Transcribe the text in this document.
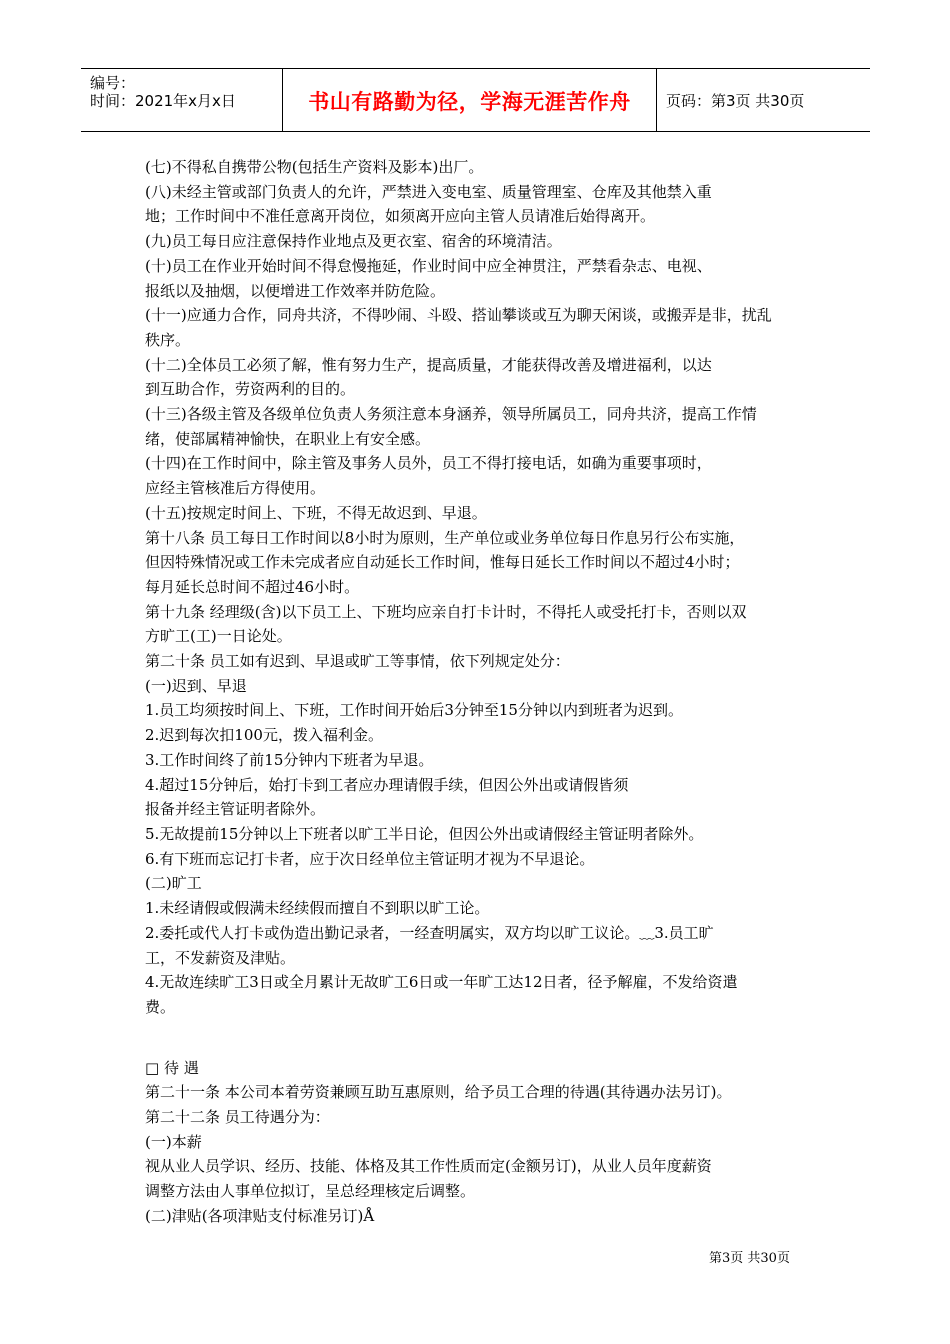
编号：
时间：2021年x月x日	书山有路勤为径，学海无涯苦作舟	页码：第3页 共30页
(七)不得私自携带公物(包括生产资料及影本)出厂。
(八)未经主管或部门负责人的允许，严禁进入变电室、质量管理室、仓库及其他禁入重
地；工作时间中不准任意离开岗位，如须离开应向主管人员请准后始得离开。
(九)员工每日应注意保持作业地点及更衣室、宿舍的环境清洁。
(十)员工在作业开始时间不得怠慢拖延，作业时间中应全神贯注，严禁看杂志、电视、
报纸以及抽烟，以便增进工作效率并防危险。
(十一)应通力合作，同舟共济，不得吵闹、斗殴、搭讪攀谈或互为聊天闲谈，或搬弄是非，扰乱
秩序。
(十二)全体员工必须了解，惟有努力生产，提高质量，才能获得改善及增进福利，以达
到互助合作，劳资两利的目的。
(十三)各级主管及各级单位负责人务须注意本身涵养，领导所属员工，同舟共济，提高工作情
绪，使部属精神愉快，在职业上有安全感。
(十四)在工作时间中，除主管及事务人员外，员工不得打接电话，如确为重要事项时，
应经主管核准后方得使用。
(十五)按规定时间上、下班，不得无故迟到、早退。
第十八条 员工每日工作时间以8小时为原则，生产单位或业务单位每日作息另行公布实施，
但因特殊情况或工作未完成者应自动延长工作时间，惟每日延长工作时间以不超过4小时；
每月延长总时间不超过46小时。
第十九条 经理级(含)以下员工上、下班均应亲自打卡计时，不得托人或受托打卡，否则以双
方旷工(工)一日论处。
第二十条 员工如有迟到、早退或旷工等事情，依下列规定处分：
(一)迟到、早退
1.员工均须按时间上、下班，工作时间开始后3分钟至15分钟以内到班者为迟到。
2.迟到每次扣100元，拨入福利金。
3.工作时间终了前15分钟内下班者为早退。
4.超过15分钟后，始打卡到工者应办理请假手续，但因公外出或请假皆须
报备并经主管证明者除外。
5.无故提前15分钟以上下班者以旷工半日论，但因公外出或请假经主管证明者除外。
6.有下班而忘记打卡者，应于次日经单位主管证明才视为不早退论。
(二)旷工
1.未经请假或假满未经续假而擅自不到职以旷工论。
2.委托或代人打卡或伪造出勤记录者，一经查明属实，双方均以旷工议论。﹏3.员工旷
工，不发薪资及津贴。
4.无故连续旷工3日或全月累计无故旷工6日或一年旷工达12日者，径予解雇，不发给资遣
费。
□ 待 遇
第二十一条 本公司本着劳资兼顾互助互惠原则，给予员工合理的待遇(其待遇办法另订)。
第二十二条 员工待遇分为：
(一)本薪
视从业人员学识、经历、技能、体格及其工作性质而定(金额另订)，从业人员年度薪资
调整方法由人事单位拟订，呈总经理核定后调整。
(二)津贴(各项津贴支付标准另订)Å
第3页 共30页
